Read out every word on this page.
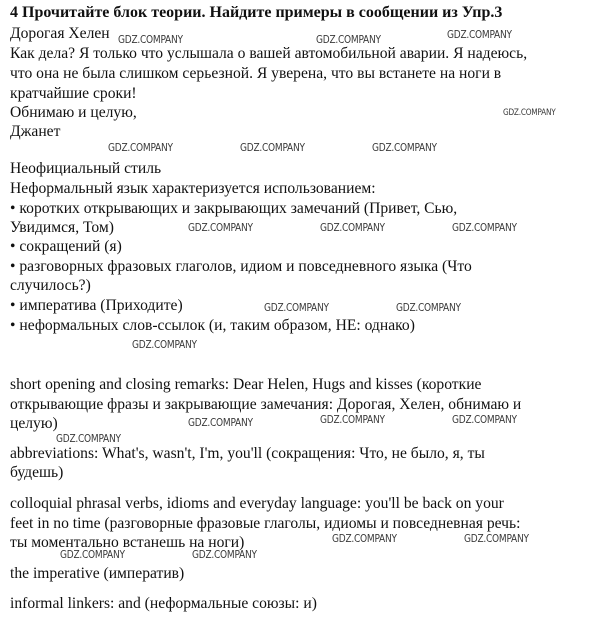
4 Прочитайте блок теории. Найдите примеры в сообщении из Упр.3
Дорогая Хелен
Как дела? Я только что услышала о вашей автомобильной аварии. Я надеюсь,
что она не была слишком серьезной. Я уверена, что вы встанете на ноги в
кратчайшие сроки!
Обнимаю и целую,
Джанет
Неофициальный стиль
Неформальный язык характеризуется использованием:
• коротких открывающих и закрывающих замечаний (Привет, Сью,
Увидимся, Том)
• сокращений (я)
• разговорных фразовых глаголов, идиом и повседневного языка (Что
случилось?)
• императива (Приходите)
• неформальных слов-ссылок (и, таким образом, НЕ: однако)
short opening and closing remarks: Dear Helen, Hugs and kisses (короткие
открывающие фразы и закрывающие замечания: Дорогая, Хелен, обнимаю и
целую)
abbreviations: What's, wasn't, I'm, you'll (сокращения: Что, не было, я, ты
будешь)
colloquial phrasal verbs, idioms and everyday language: you'll be back on your
feet in no time (разговорные фразовые глаголы, идиомы и повседневная речь:
ты моментально встанешь на ноги)
the imperative (императив)
informal linkers: and (неформальные союзы: и)
GDZ.COMPANY	GDZ.COMPANY	GDZ.COMPANY
GDZ.COMPANY
GDZ.COMPANY	GDZ.COMPANY	GDZ.COMPANY
GDZ.COMPANY	GDZ.COMPANY	GDZ.COMPANY
GDZ.COMPANY	GDZ.COMPANY
GDZ.COMPANY
GDZ.COMPANY	GDZ.COMPANY	GDZ.COMPANY
GDZ.COMPANY
GDZ.COMPANY	GDZ.COMPANY
GDZ.COMPANY	GDZ.COMPANY
